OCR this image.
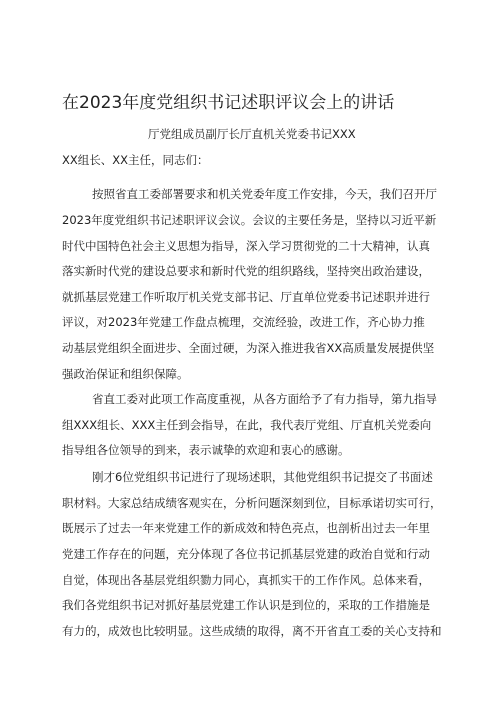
在2023年度党组织书记述职评议会上的讲话
厅党组成员副厅长厅直机关党委书记XXX
XX组长、XX主任，同志们：
按照省直工委部署要求和机关党委年度工作安排，今天，我们召开厅
2023年度党组织书记述职评议会议。会议的主要任务是，坚持以习近平新
时代中国特色社会主义思想为指导，深入学习贯彻党的二十大精神，认真
落实新时代党的建设总要求和新时代党的组织路线，坚持突出政治建设，
就抓基层党建工作听取厅机关党支部书记、厅直单位党委书记述职并进行
评议，对2023年党建工作盘点梳理，交流经验，改进工作，齐心协力推
动基层党组织全面进步、全面过硬，为深入推进我省XX高质量发展提供坚
强政治保证和组织保障。
省直工委对此项工作高度重视，从各方面给予了有力指导，第九指导
组XXX组长、XXX主任到会指导，在此，我代表厅党组、厅直机关党委向
指导组各位领导的到来，表示诚挚的欢迎和衷心的感谢。
刚才6位党组织书记进行了现场述职，其他党组织书记提交了书面述
职材料。大家总结成绩客观实在，分析问题深刻到位，目标承诺切实可行，
既展示了过去一年来党建工作的新成效和特色亮点，也剖析出过去一年里
党建工作存在的问题，充分体现了各位书记抓基层党建的政治自觉和行动
自觉，体现出各基层党组织勠力同心，真抓实干的工作作风。总体来看，
我们各党组织书记对抓好基层党建工作认识是到位的，采取的工作措施是
有力的，成效也比较明显。这些成绩的取得，离不开省直工委的关心支持和
